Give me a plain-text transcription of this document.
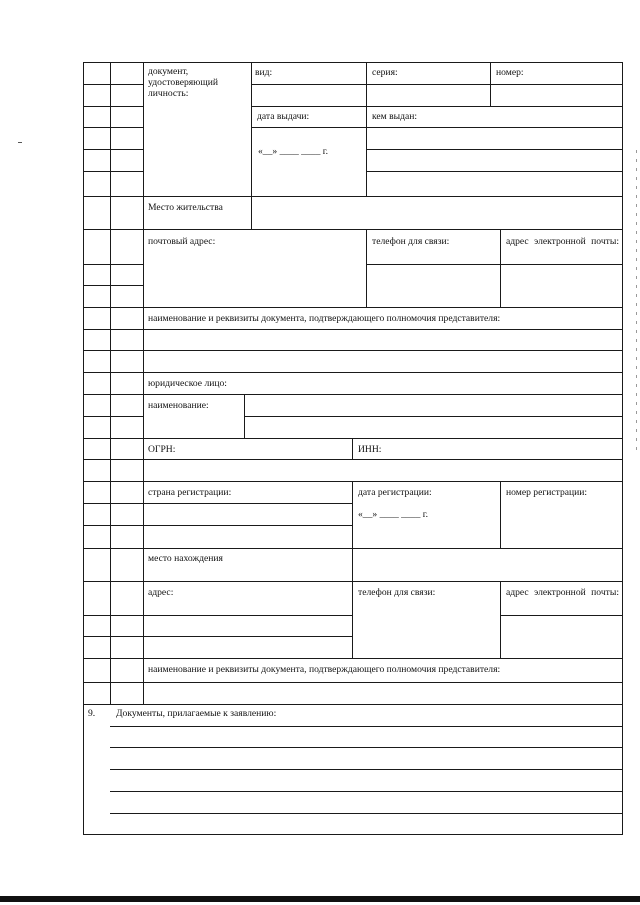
документ, удостоверяющий личность:
вид:	серия:	номер:
дата выдачи:	кем выдан:
«__» ____ ____ г.
Место жительства
почтовый адрес:	телефон для связи:	адрес электронной почты:
наименование и реквизиты документа, подтверждающего полномочия представителя:
юридическое лицо:
наименование:
ОГРН:	ИНН:
страна регистрации:	дата регистрации:	номер регистрации:
«__» ____ ____ г.
место нахождения
адрес:	телефон для связи:	адрес электронной почты:
наименование и реквизиты документа, подтверждающего полномочия представителя:
9. Документы, прилагаемые к заявлению:
